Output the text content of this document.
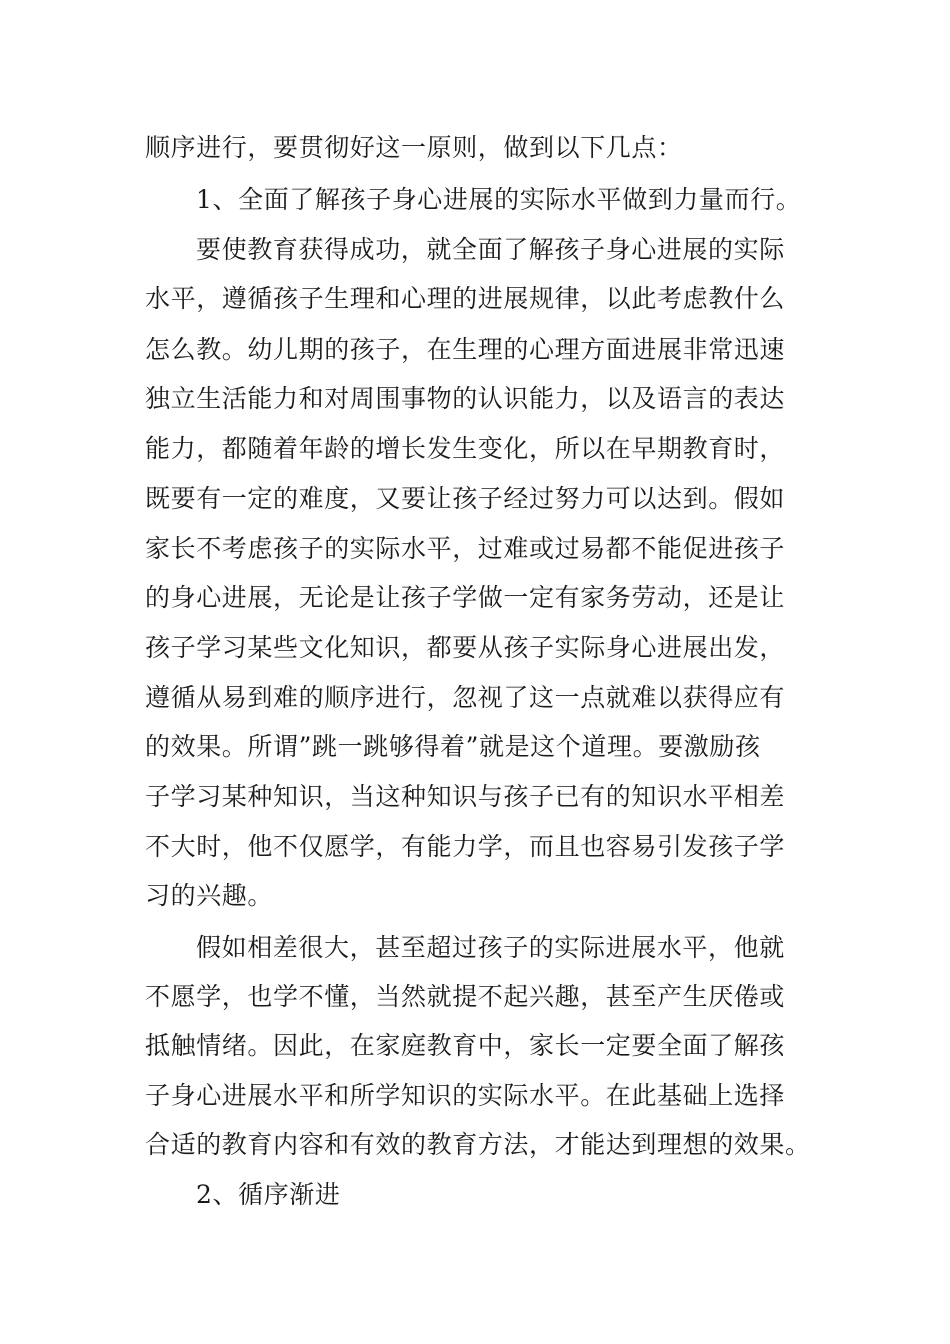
顺序进行，要贯彻好这一原则，做到以下几点：
1、全面了解孩子身心进展的实际水平做到力量而行。
要使教育获得成功，就全面了解孩子身心进展的实际
水平，遵循孩子生理和心理的进展规律，以此考虑教什么
怎么教。幼儿期的孩子，在生理的心理方面进展非常迅速
独立生活能力和对周围事物的认识能力，以及语言的表达
能力，都随着年龄的增长发生变化，所以在早期教育时，
既要有一定的难度，又要让孩子经过努力可以达到。假如
家长不考虑孩子的实际水平，过难或过易都不能促进孩子
的身心进展，无论是让孩子学做一定有家务劳动，还是让
孩子学习某些文化知识，都要从孩子实际身心进展出发，
遵循从易到难的顺序进行，忽视了这一点就难以获得应有
的效果。所谓”跳一跳够得着”就是这个道理。要激励孩
子学习某种知识，当这种知识与孩子已有的知识水平相差
不大时，他不仅愿学，有能力学，而且也容易引发孩子学
习的兴趣。
假如相差很大，甚至超过孩子的实际进展水平，他就
不愿学，也学不懂，当然就提不起兴趣，甚至产生厌倦或
抵触情绪。因此，在家庭教育中，家长一定要全面了解孩
子身心进展水平和所学知识的实际水平。在此基础上选择
合适的教育内容和有效的教育方法，才能达到理想的效果。
2、循序渐进
